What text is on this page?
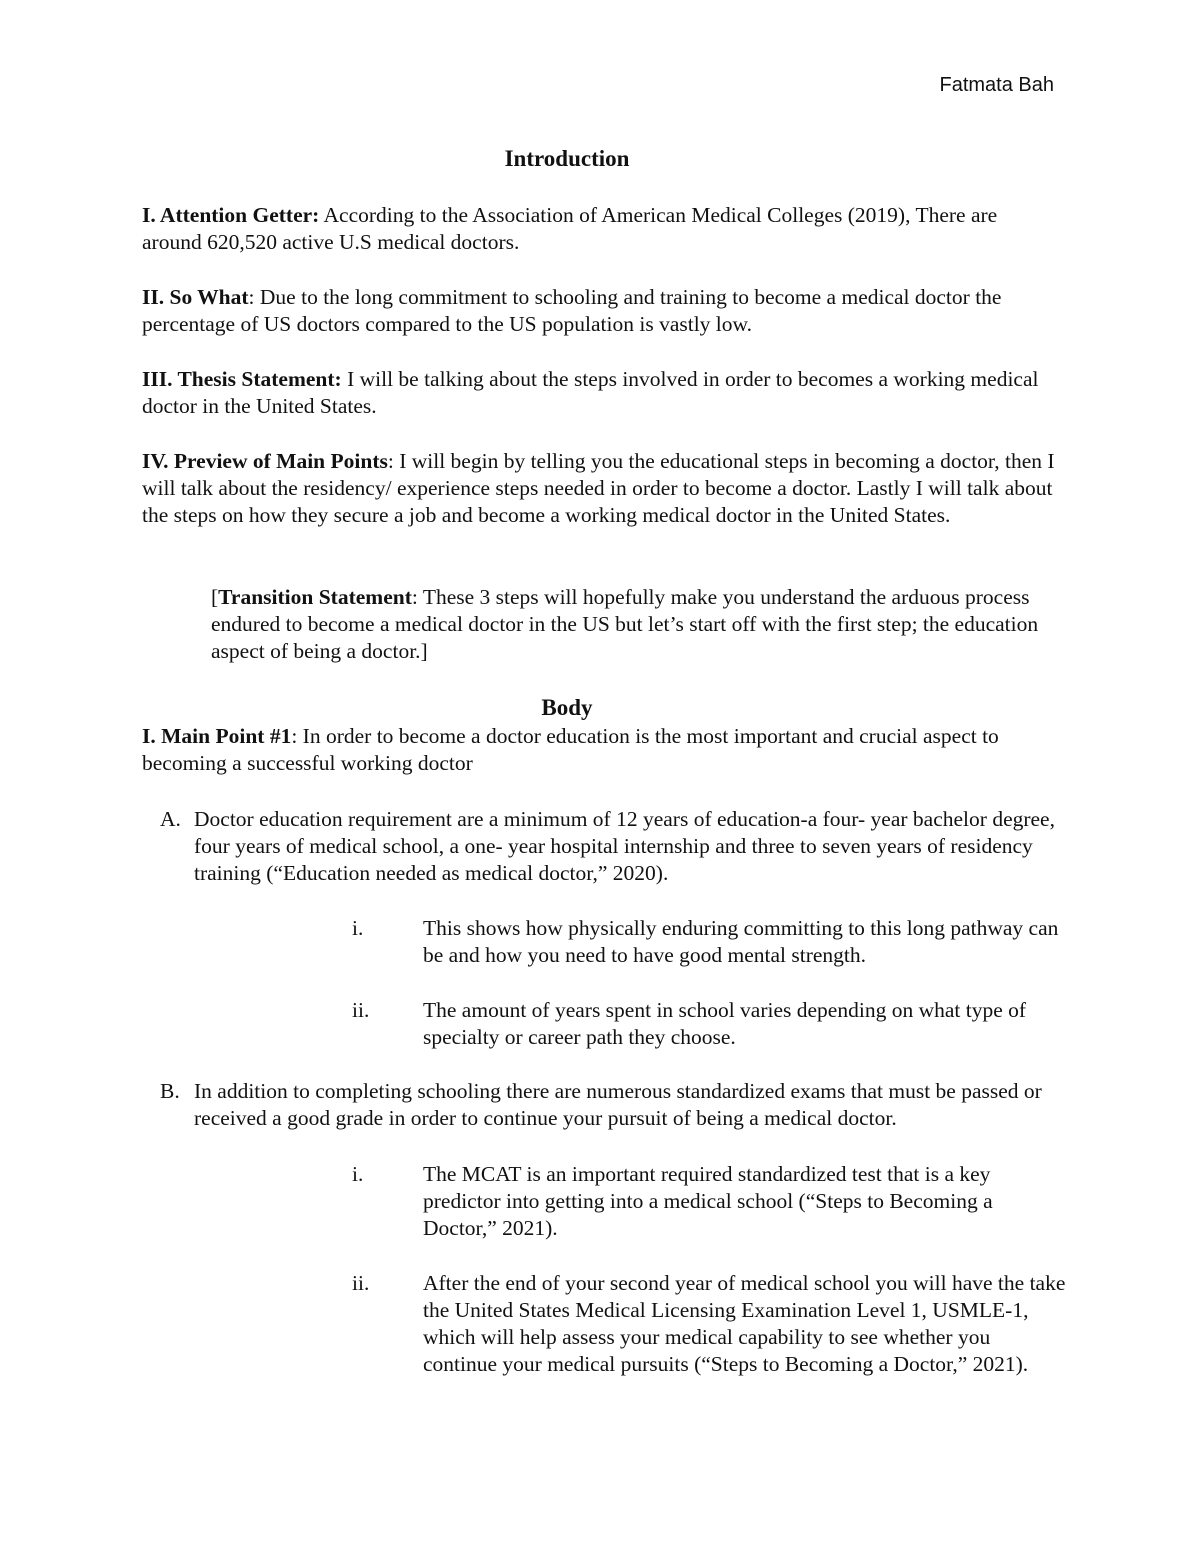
Fatmata Bah
Introduction
I. Attention Getter: According to the Association of American Medical Colleges (2019), There are around 620,520 active U.S medical doctors.
II. So What: Due to the long commitment to schooling and training to become a medical doctor the percentage of US doctors compared to the US population is vastly low.
III. Thesis Statement: I will be talking about the steps involved in order to becomes a working medical doctor in the United States.
IV. Preview of Main Points: I will begin by telling you the educational steps in becoming a doctor, then I will talk about the residency/ experience steps needed in order to become a doctor. Lastly I will talk about the steps on how they secure a job and become a working medical doctor in the United States.
[Transition Statement: These 3 steps will hopefully make you understand the arduous process endured to become a medical doctor in the US but let’s start off with the first step; the education aspect of being a doctor.]
Body
I. Main Point #1: In order to become a doctor education is the most important and crucial aspect to becoming a successful working doctor
A. Doctor education requirement are a minimum of 12 years of education-a four- year bachelor degree, four years of medical school, a one- year hospital internship and three to seven years of residency training (“Education needed as medical doctor,” 2020).
i.	This shows how physically enduring committing to this long pathway can be and how you need to have good mental strength.
ii.	The amount of years spent in school varies depending on what type of specialty or career path they choose.
B. In addition to completing schooling there are numerous standardized exams that must be passed or received a good grade in order to continue your pursuit of being a medical doctor.
i.	The MCAT is an important required standardized test that is a key predictor into getting into a medical school (“Steps to Becoming a Doctor,” 2021).
ii.	After the end of your second year of medical school you will have the take the United States Medical Licensing Examination Level 1, USMLE-1, which will help assess your medical capability to see whether you continue your medical pursuits (“Steps to Becoming a Doctor,” 2021).
